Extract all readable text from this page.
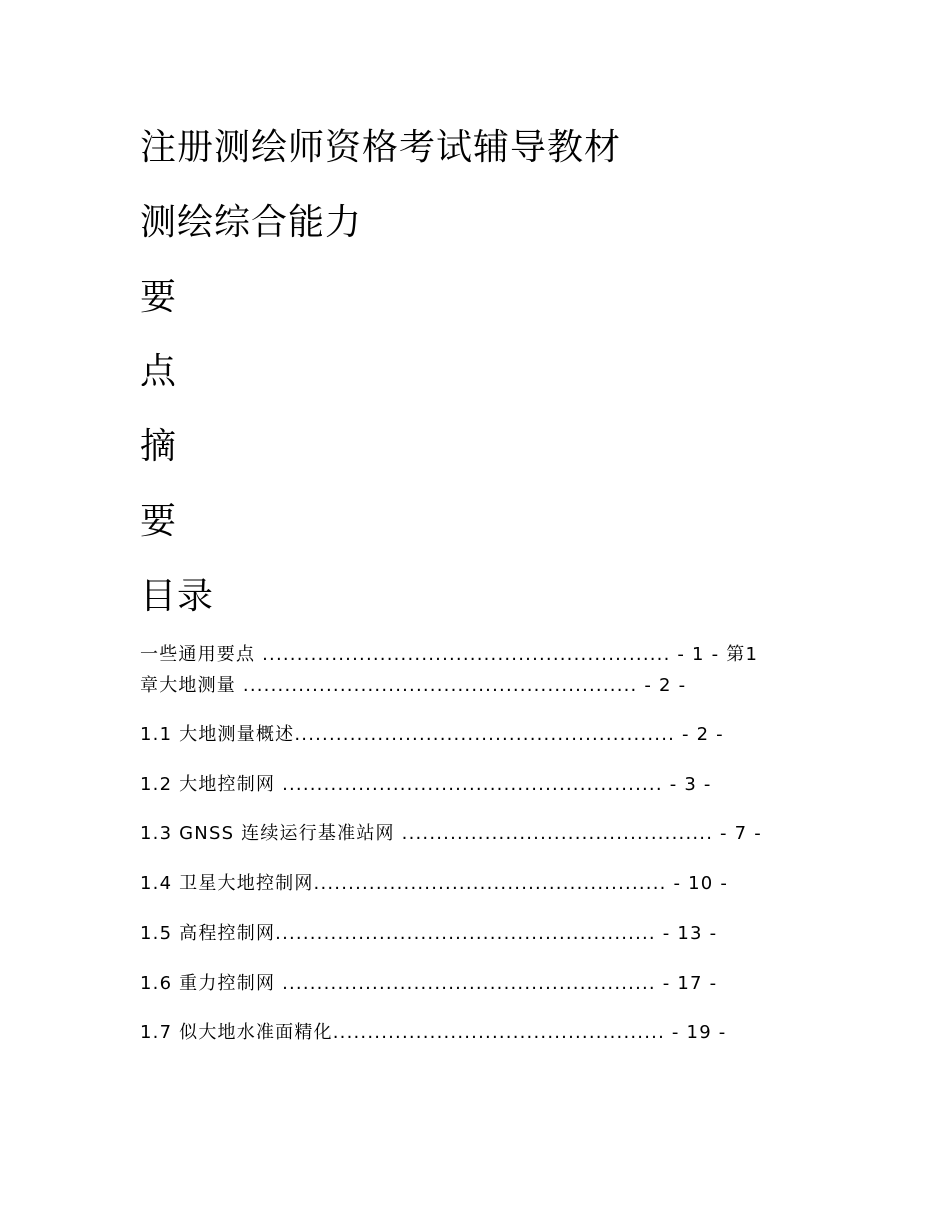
注册测绘师资格考试辅导教材
测绘综合能力
要
点
摘
要
目录
一些通用要点 ........................................................... - 1 - 第1
章大地测量 ......................................................... - 2 -
1.1 大地测量概述....................................................... - 2 -
1.2 大地控制网 ....................................................... - 3 -
1.3 GNSS 连续运行基准站网 ............................................. - 7 -
1.4 卫星大地控制网................................................... - 10 -
1.5 高程控制网....................................................... - 13 -
1.6 重力控制网 ...................................................... - 17 -
1.7 似大地水准面精化................................................ - 19 -
